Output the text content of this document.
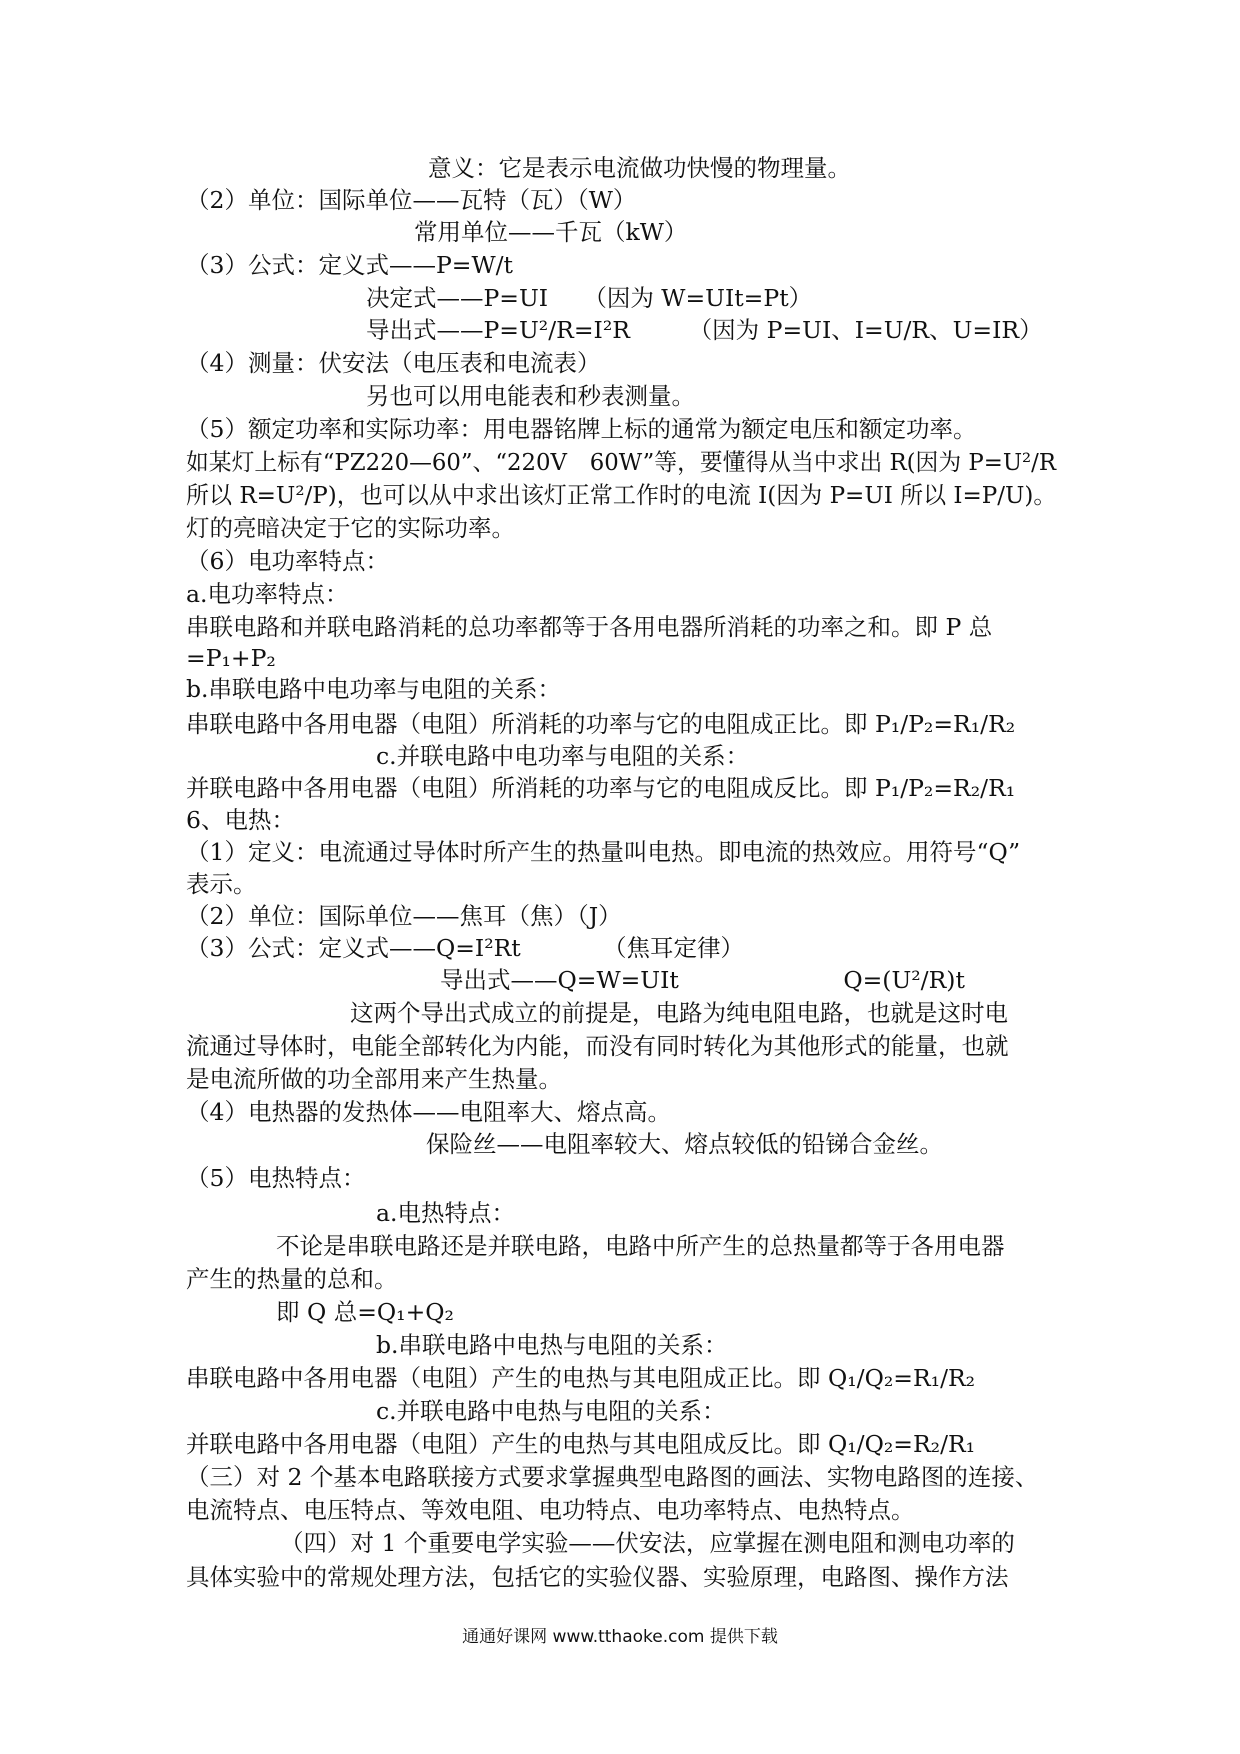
意义：它是表示电流做功快慢的物理量。
（2）单位：国际单位——瓦特（瓦）（W）
常用单位——千瓦（kW）
（3）公式：定义式——P=W/t
决定式——P=UI　　（因为 W=UIt=Pt）
导出式——P=U²/R=I²R　　　（因为 P=UI、I=U/R、U=IR）
（4）测量：伏安法（电压表和电流表）
另也可以用电能表和秒表测量。
（5）额定功率和实际功率：用电器铭牌上标的通常为额定电压和额定功率。
如某灯上标有“PZ220—60”、“220V　60W”等，要懂得从当中求出 R(因为 P=U²/R
所以 R=U²/P)，也可以从中求出该灯正常工作时的电流 I(因为 P=UI 所以 I=P/U)。
灯的亮暗决定于它的实际功率。
（6）电功率特点：
a.电功率特点：
串联电路和并联电路消耗的总功率都等于各用电器所消耗的功率之和。即 P 总
=P₁+P₂
b.串联电路中电功率与电阻的关系：
串联电路中各用电器（电阻）所消耗的功率与它的电阻成正比。即 P₁/P₂=R₁/R₂
c.并联电路中电功率与电阻的关系：
并联电路中各用电器（电阻）所消耗的功率与它的电阻成反比。即 P₁/P₂=R₂/R₁
6、电热：
（1）定义：电流通过导体时所产生的热量叫电热。即电流的热效应。用符号“Q”
表示。
（2）单位：国际单位——焦耳（焦）（J）
（3）公式：定义式——Q=I²Rt　　　　（焦耳定律）
导出式——Q=W=UIt　　　　　　　Q=(U²/R)t
这两个导出式成立的前提是，电路为纯电阻电路，也就是这时电
流通过导体时，电能全部转化为内能，而没有同时转化为其他形式的能量，也就
是电流所做的功全部用来产生热量。
（4）电热器的发热体——电阻率大、熔点高。
保险丝——电阻率较大、熔点较低的铅锑合金丝。
（5）电热特点：
a.电热特点：
不论是串联电路还是并联电路，电路中所产生的总热量都等于各用电器
产生的热量的总和。
即 Q 总=Q₁+Q₂
b.串联电路中电热与电阻的关系：
串联电路中各用电器（电阻）产生的电热与其电阻成正比。即 Q₁/Q₂=R₁/R₂
c.并联电路中电热与电阻的关系：
并联电路中各用电器（电阻）产生的电热与其电阻成反比。即 Q₁/Q₂=R₂/R₁
（三）对 2 个基本电路联接方式要求掌握典型电路图的画法、实物电路图的连接、
电流特点、电压特点、等效电阻、电功特点、电功率特点、电热特点。
（四）对 1 个重要电学实验——伏安法，应掌握在测电阻和测电功率的
具体实验中的常规处理方法，包括它的实验仪器、实验原理，电路图、操作方法
通通好课网 www.tthaoke.com 提供下载
